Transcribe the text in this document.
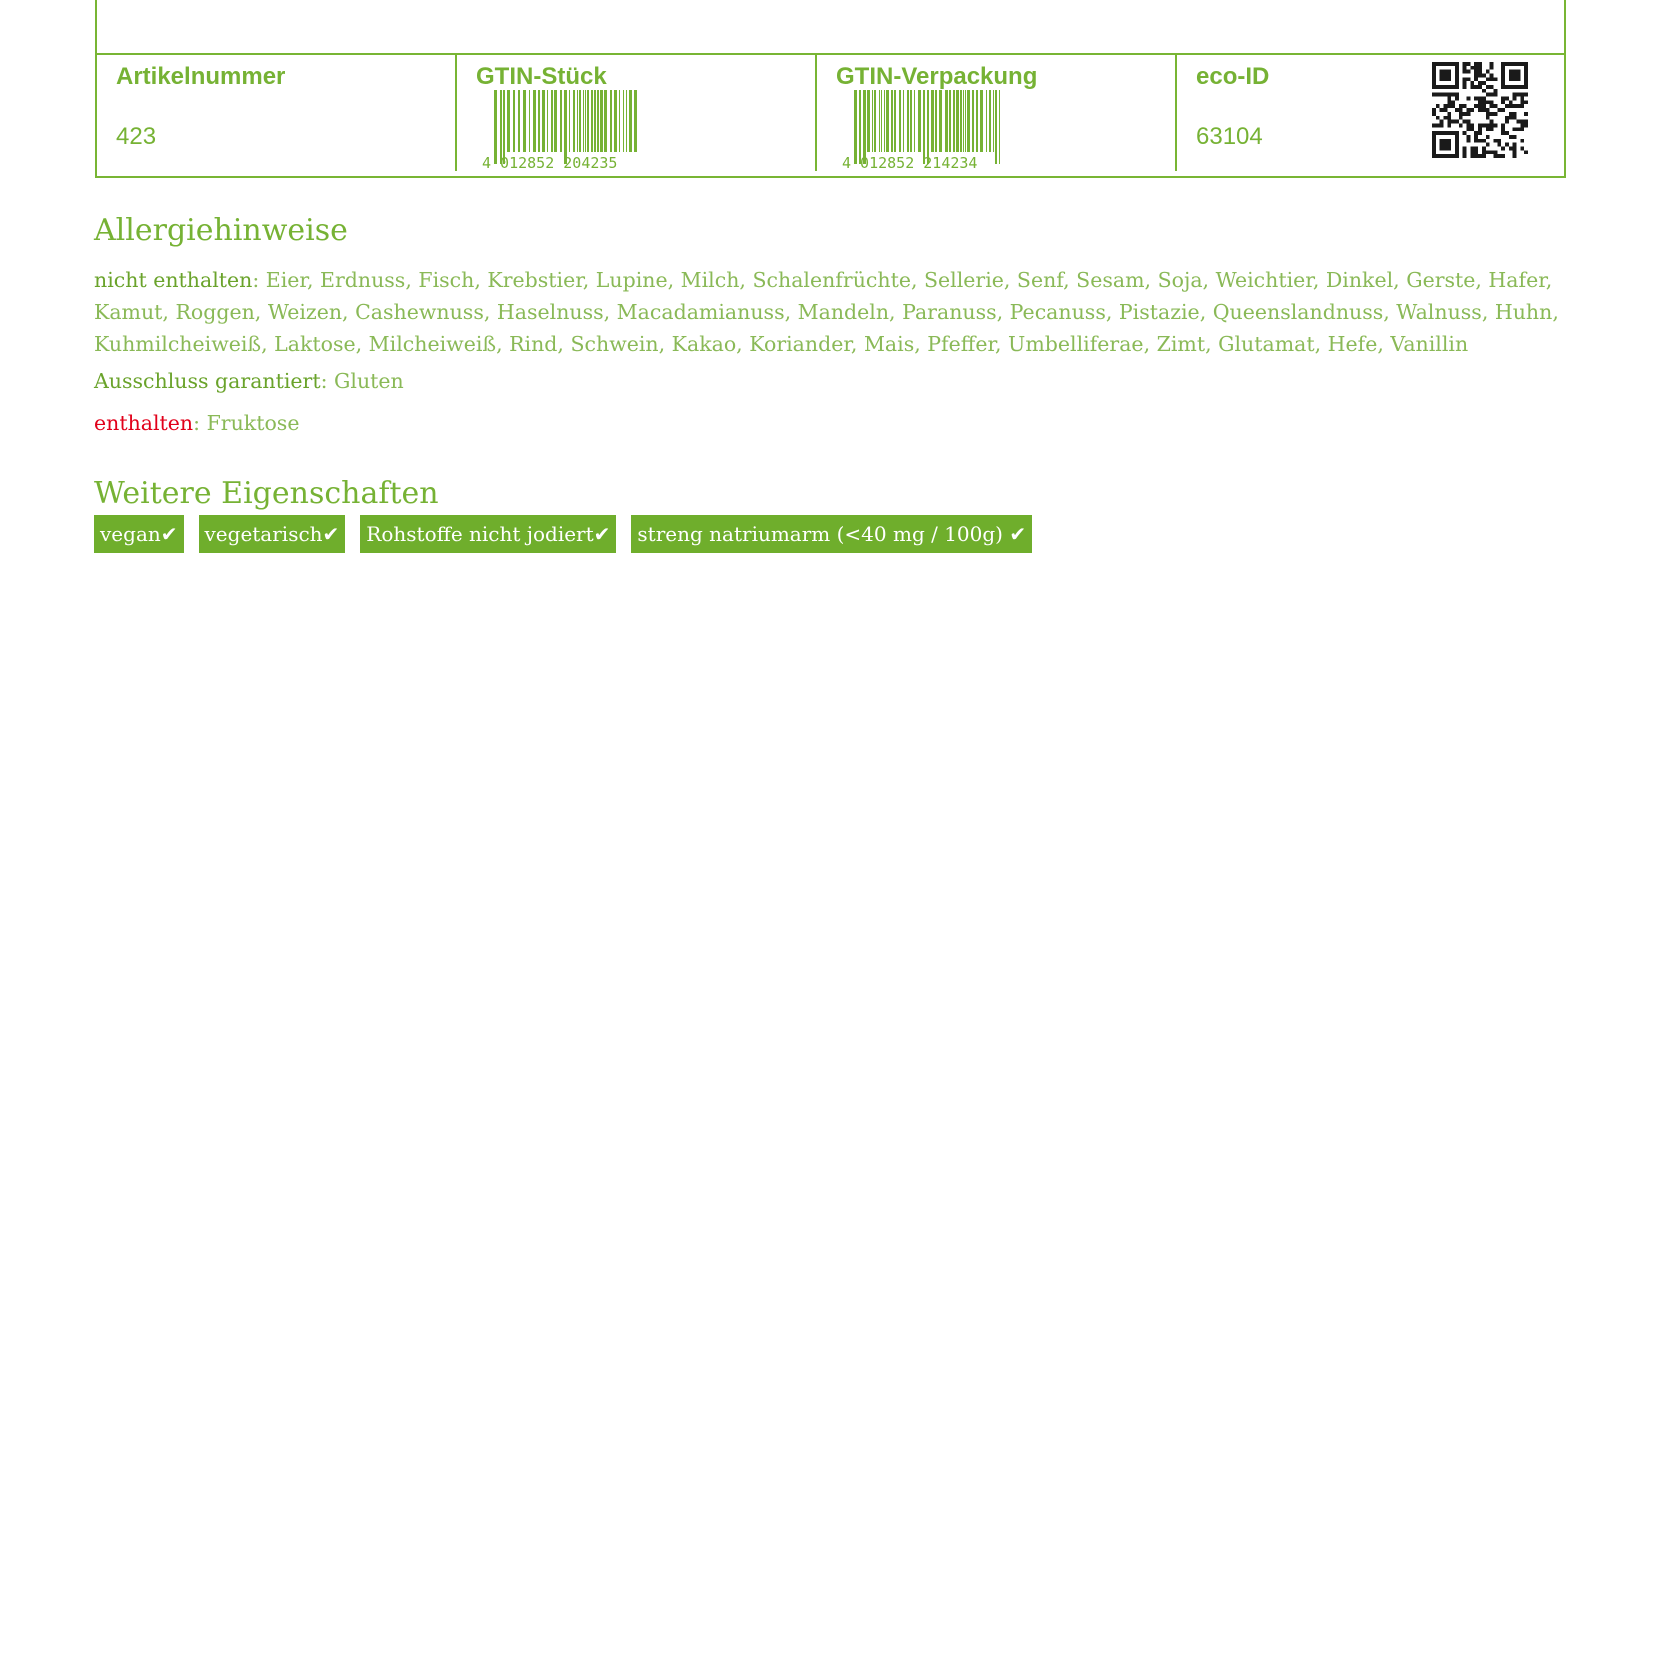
Artikelnummer
423
GTIN-Stück
4 012852 204235
GTIN-Verpackung
4 012852 214234
eco-ID
63104
Allergiehinweise

nicht enthalten: Eier, Erdnuss, Fisch, Krebstier, Lupine, Milch, Schalenfrüchte, Sellerie, Senf, Sesam, Soja, Weichtier, Dinkel, Gerste, Hafer, Kamut, Roggen, Weizen, Cashewnuss, Haselnuss, Macadamianuss, Mandeln, Paranuss, Pecanuss, Pistazie, Queenslandnuss, Walnuss, Huhn, Kuhmilcheiweiß, Laktose, Milcheiweiß, Rind, Schwein, Kakao, Koriander, Mais, Pfeffer, Umbelliferae, Zimt, Glutamat, Hefe, Vanillin

Ausschluss garantiert: Gluten

enthalten: Fruktose

Weitere Eigenschaften
vegan✔	vegetarisch✔	Rohstoffe nicht jodiert✔	streng natriumarm (<40 mg / 100g) ✔
